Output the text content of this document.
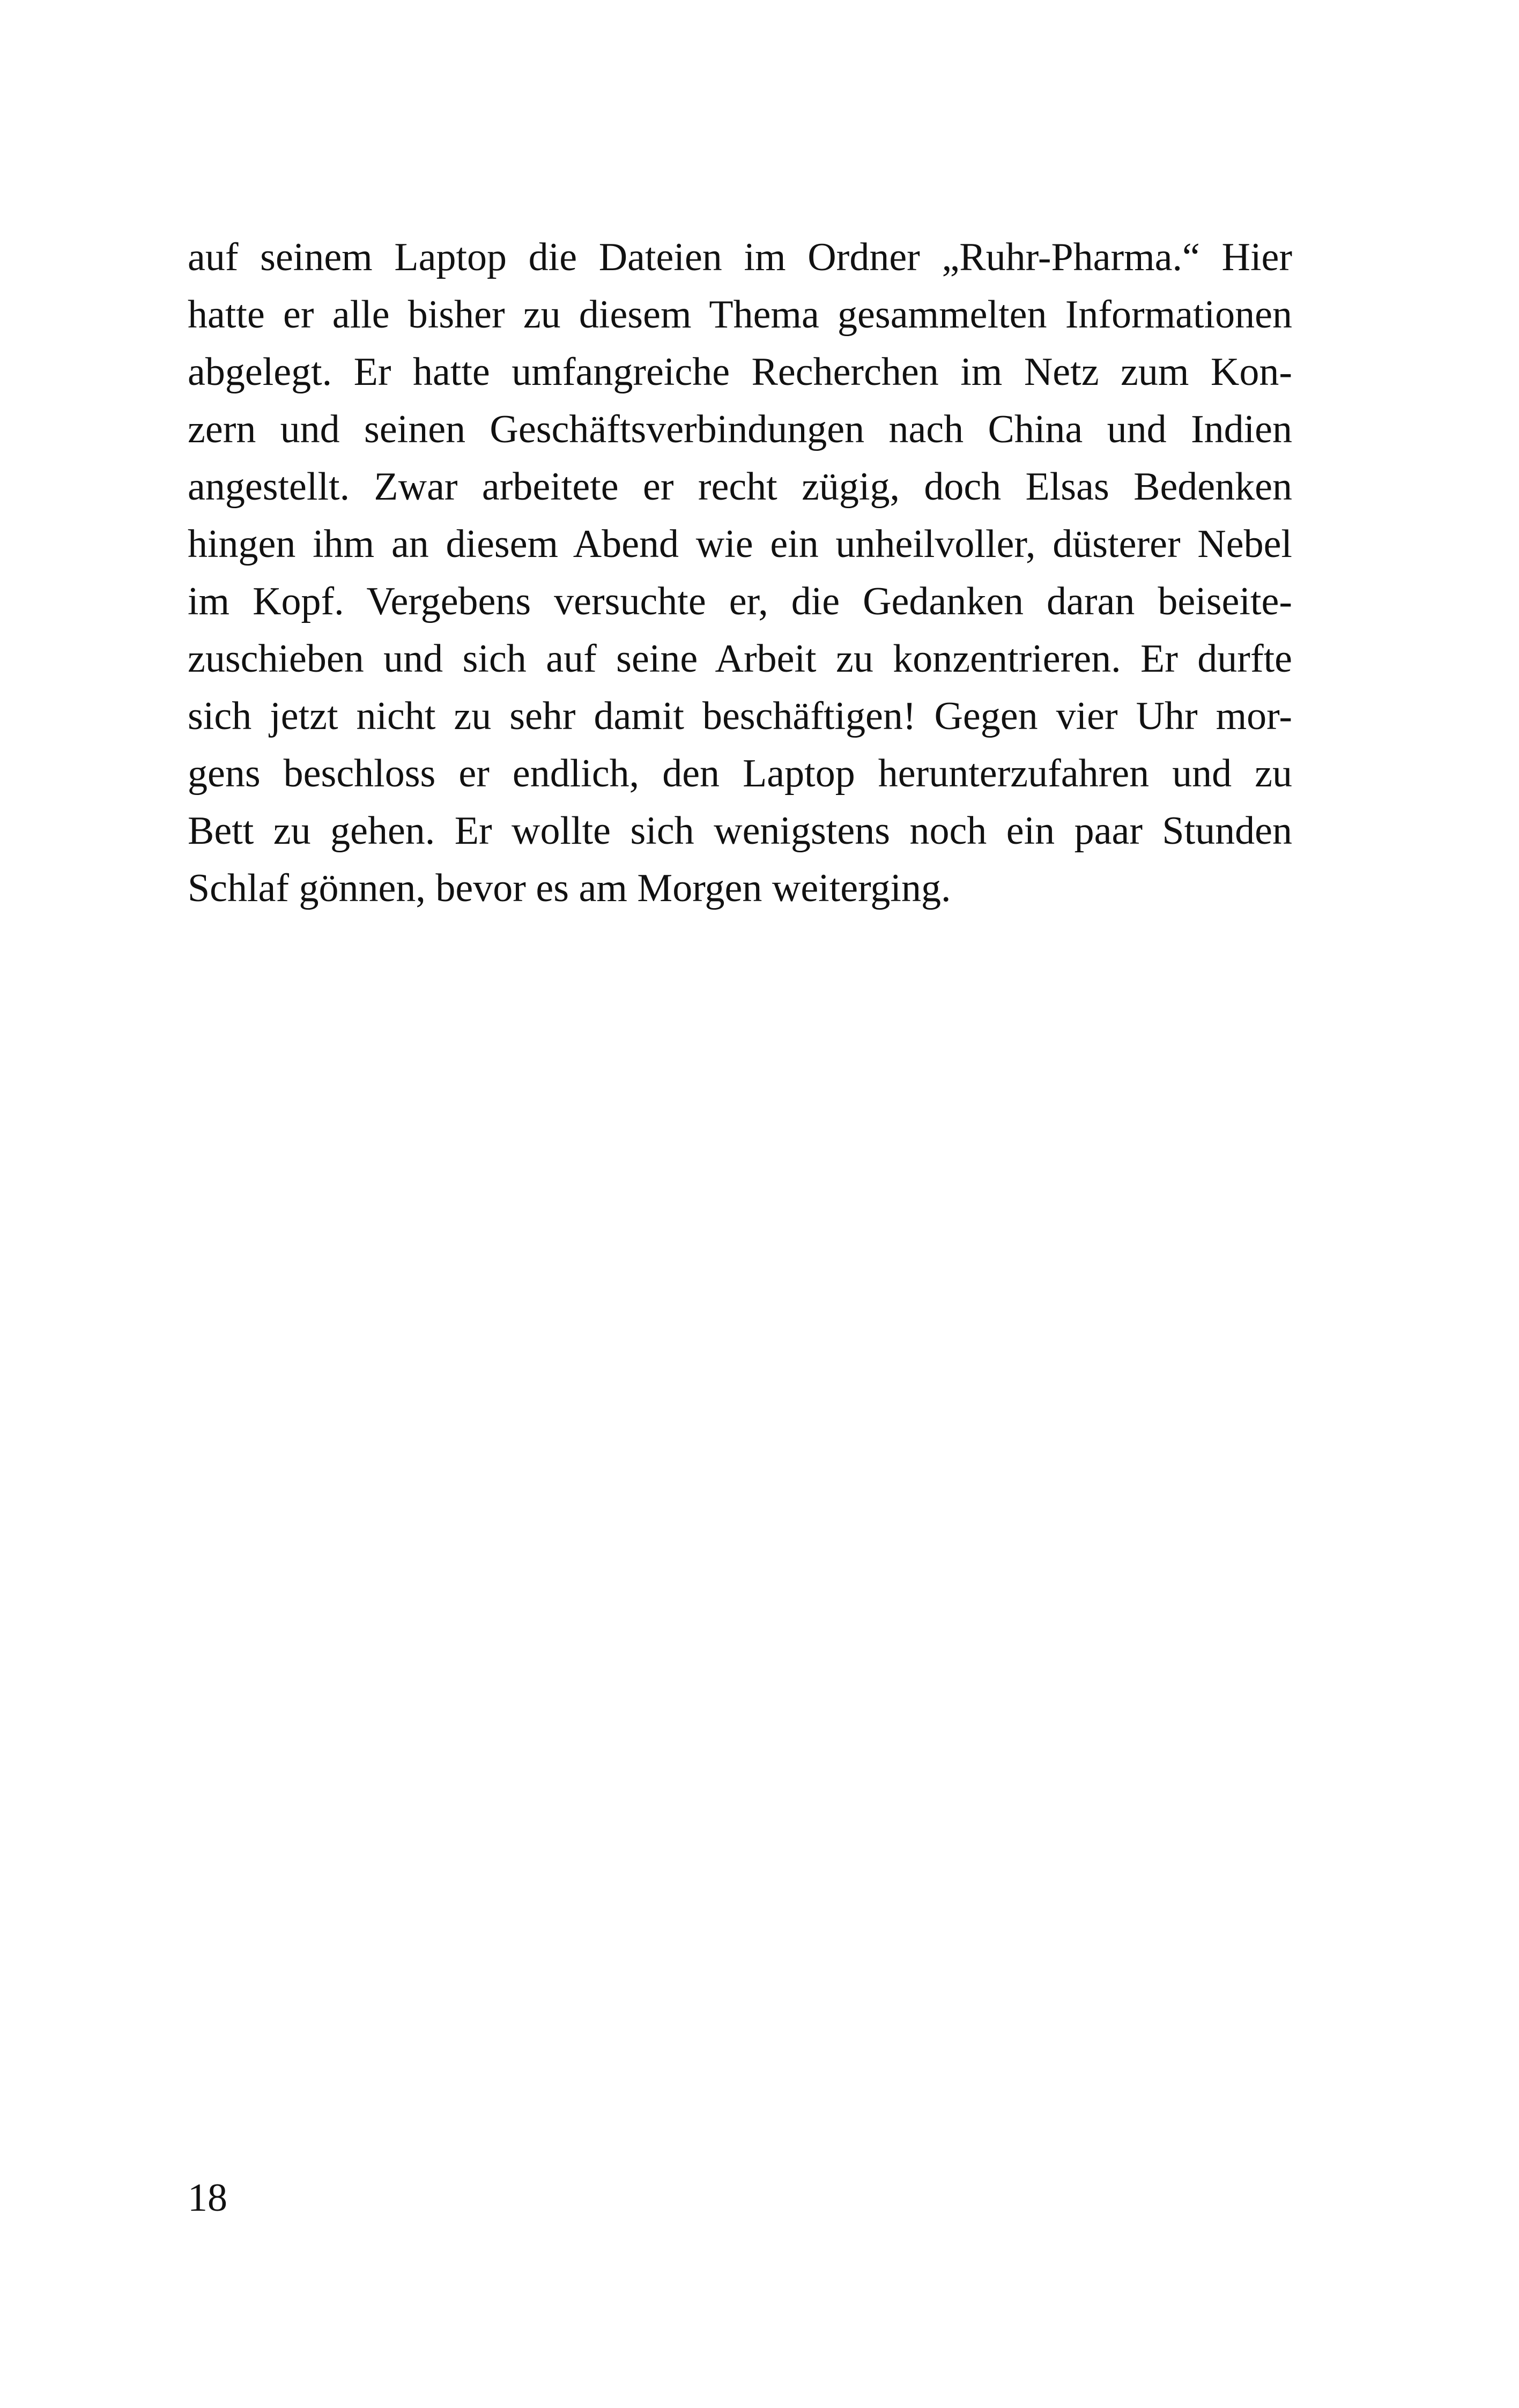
auf seinem Laptop die Dateien im Ordner „Ruhr-Pharma.“ Hier
hatte er alle bisher zu diesem Thema gesammelten Informationen
abgelegt. Er hatte umfangreiche Recherchen im Netz zum Kon-
zern und seinen Geschäftsverbindungen nach China und Indien
angestellt. Zwar arbeitete er recht zügig, doch Elsas Bedenken
hingen ihm an diesem Abend wie ein unheilvoller, düsterer Nebel
im Kopf. Vergebens versuchte er, die Gedanken daran beiseite-
zuschieben und sich auf seine Arbeit zu konzentrieren. Er durfte
sich jetzt nicht zu sehr damit beschäftigen! Gegen vier Uhr mor-
gens beschloss er endlich, den Laptop herunterzufahren und zu
Bett zu gehen. Er wollte sich wenigstens noch ein paar Stunden
Schlaf gönnen, bevor es am Morgen weiterging.
18
